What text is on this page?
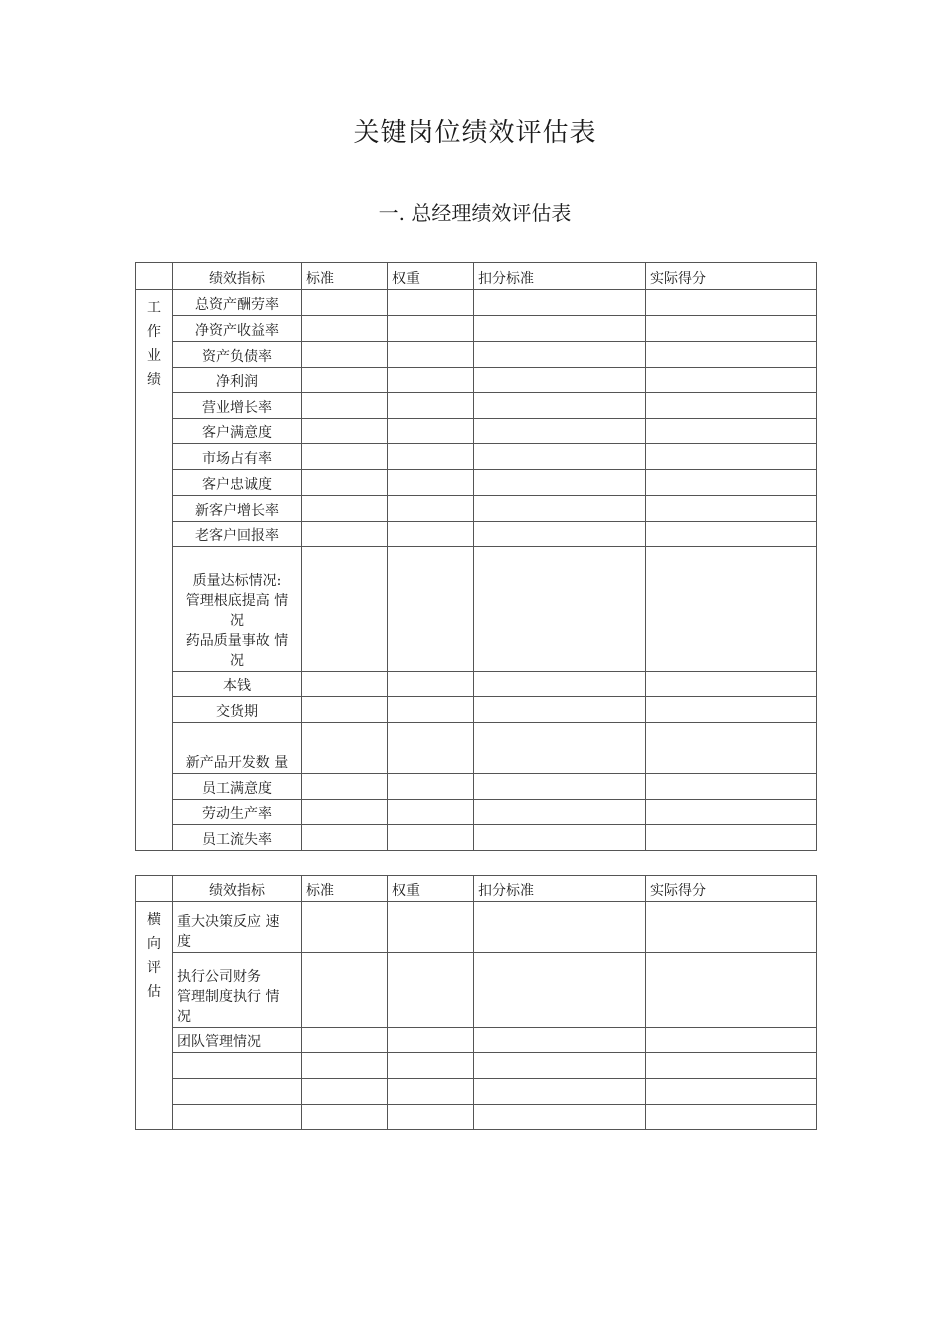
关键岗位绩效评估表
一. 总经理绩效评估表
	绩效指标	标准	权重	扣分标准	实际得分

工
作
业
绩	总资产酬劳率				

	净资产收益率				

	资产负债率				

	净利润				

	营业增长率				

	客户满意度				

	市场占有率				

	客户忠诚度				

	新客户增长率				

	老客户回报率				

	质量达标情况:
管理根底提高 情
况
药品质量事故 情
况				

	本钱				

	交货期				

	新产品开发数 量				

	员工满意度				

	劳动生产率				

	员工流失率				

	绩效指标	标准	权重	扣分标准	实际得分

横
向
评
估	重大决策反应 速
度				

	执行公司财务
管理制度执行 情
况				

	团队管理情况				
